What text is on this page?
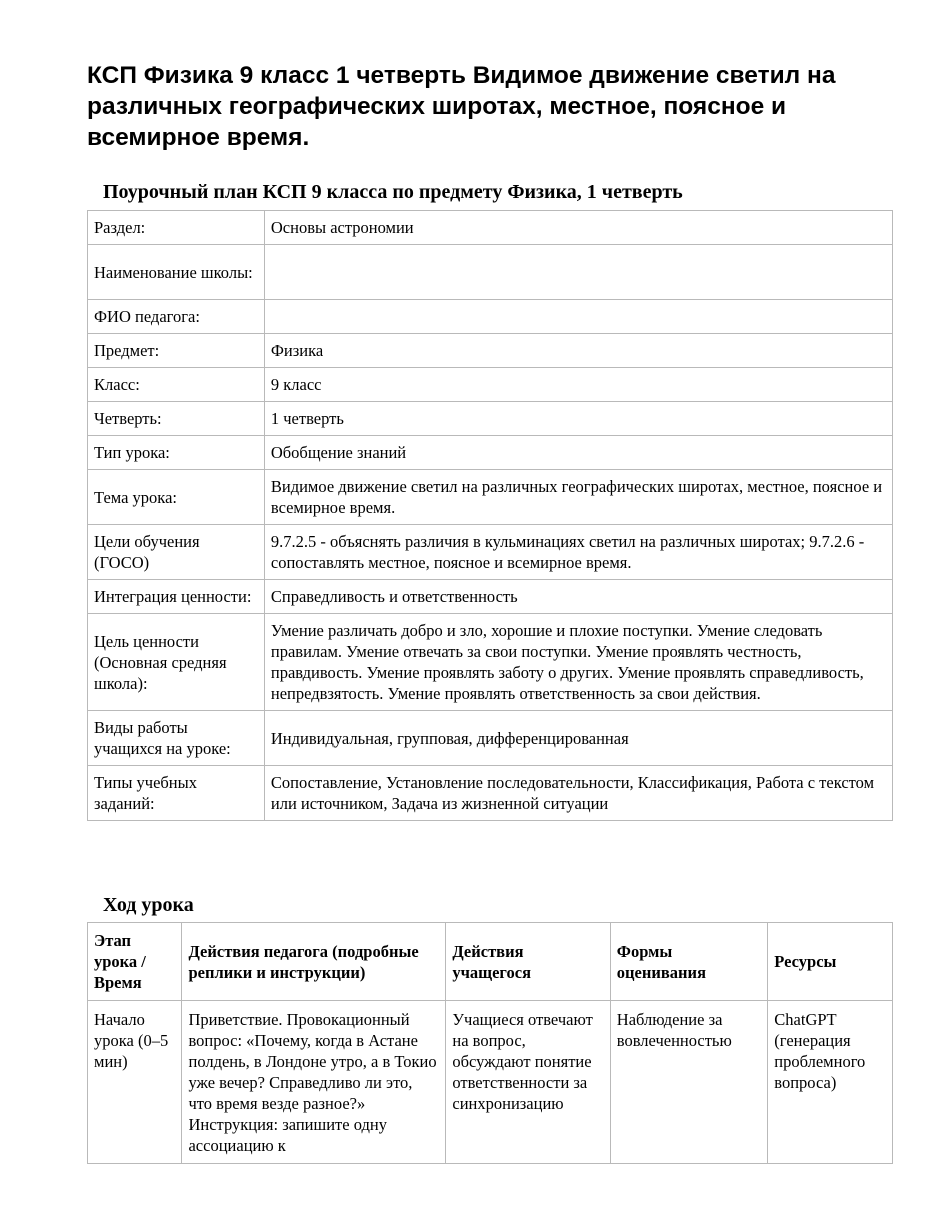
КСП Физика 9 класс 1 четверть Видимое движение светил на различных географических широтах, местное, поясное и всемирное время.
Поурочный план КСП 9 класса по предмету Физика, 1 четверть
Раздел:	Основы астрономии
Наименование школы:	
ФИО педагога:	
Предмет:	Физика
Класс:	9 класс
Четверть:	1 четверть
Тип урока:	Обобщение знаний
Тема урока:	Видимое движение светил на различных географических широтах, местное, поясное и всемирное время.
Цели обучения (ГОСО)	9.7.2.5 - объяснять различия в кульминациях светил на различных широтах; 9.7.2.6 - сопоставлять местное, поясное и всемирное время.
Интеграция ценности:	Справедливость и ответственность
Цель ценности (Основная средняя школа):	Умение различать добро и зло, хорошие и плохие поступки. Умение следовать правилам. Умение отвечать за свои поступки. Умение проявлять честность, правдивость. Умение проявлять заботу о других. Умение проявлять справедливость, непредвзятость. Умение проявлять ответственность за свои действия.
Виды работы учащихся на уроке:	Индивидуальная, групповая, дифференцированная
Типы учебных заданий:	Сопоставление, Установление последовательности, Классификация, Работа с текстом или источником, Задача из жизненной ситуации
Ход урока
Этап урока / Время	Действия педагога (подробные реплики и инструкции)	Действия учащегося	Формы оценивания	Ресурсы

Начало урока (0–5 мин)	Приветствие. Провокационный вопрос: «Почему, когда в Астане полдень, в Лондоне утро, а в Токио уже вечер? Справедливо ли это, что время везде разное?» Инструкция: запишите одну ассоциацию к	Учащиеся отвечают на вопрос, обсуждают понятие ответственности за синхронизацию	Наблюдение за вовлеченностью	ChatGPT (генерация проблемного вопроса)
